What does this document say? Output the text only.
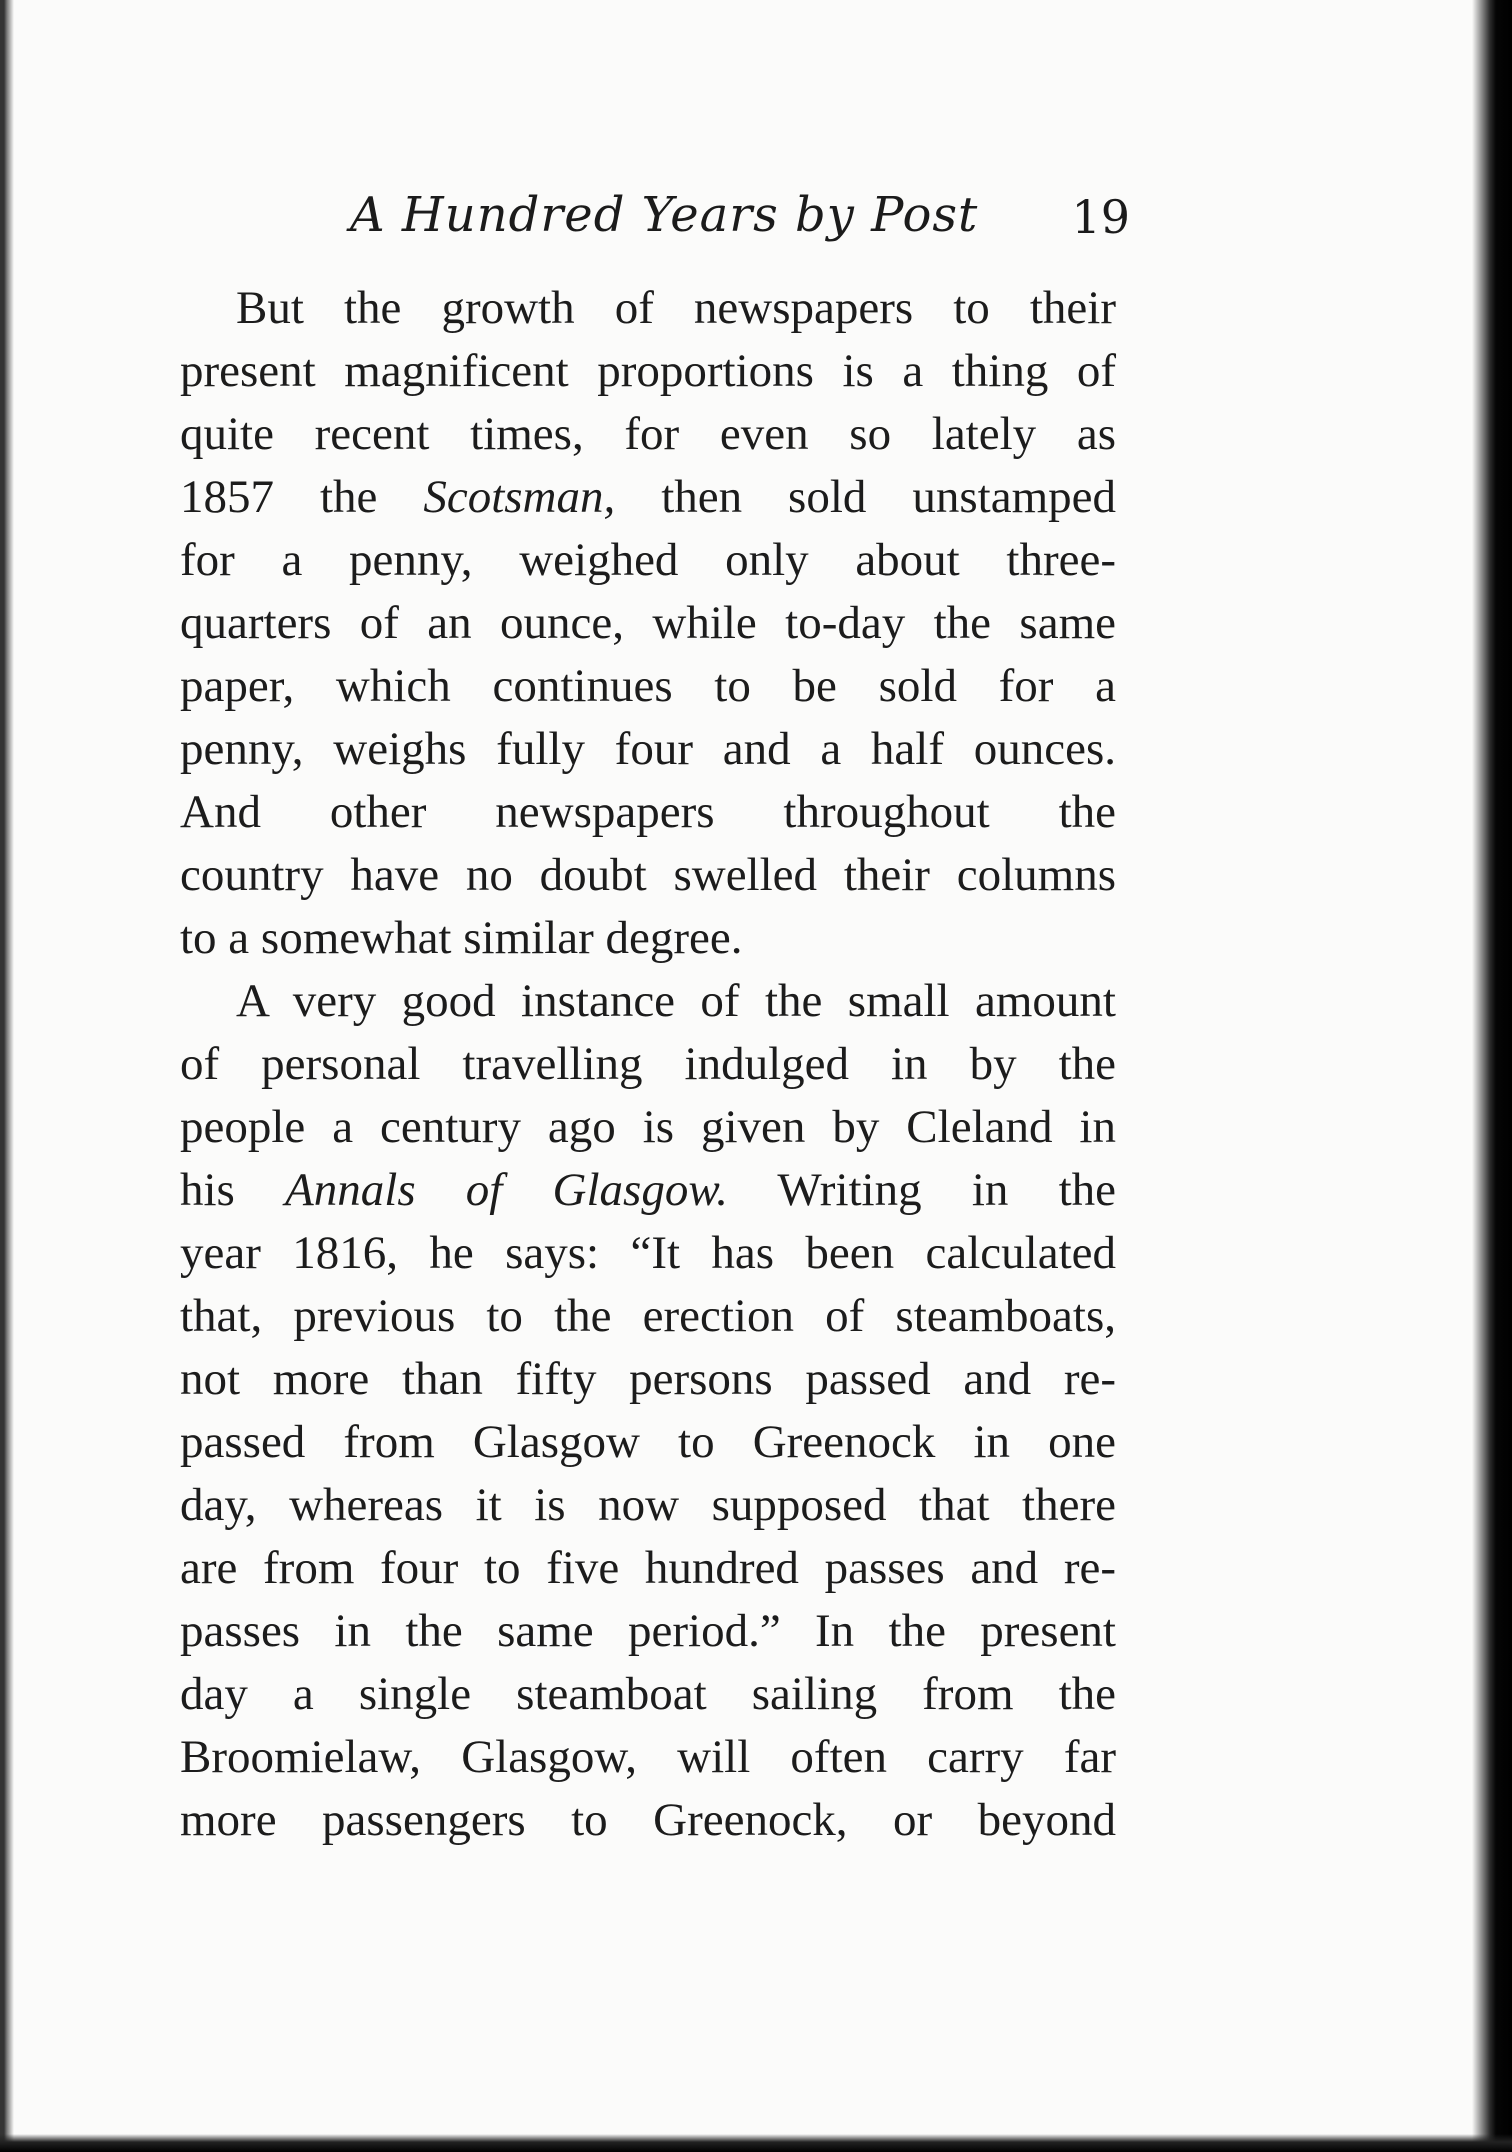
A Hundred Years by Post 19
But the growth of newspapers to their
present magnificent proportions is a thing of
quite recent times, for even so lately as
1857 the Scotsman, then sold unstamped
for a penny, weighed only about three-
quarters of an ounce, while to-day the same
paper, which continues to be sold for a
penny, weighs fully four and a half ounces.
And other newspapers throughout the
country have no doubt swelled their columns
to a somewhat similar degree.
A very good instance of the small amount
of personal travelling indulged in by the
people a century ago is given by Cleland in
his Annals of Glasgow. Writing in the
year 1816, he says: “It has been calculated
that, previous to the erection of steamboats,
not more than fifty persons passed and re-
passed from Glasgow to Greenock in one
day, whereas it is now supposed that there
are from four to five hundred passes and re-
passes in the same period.” In the present
day a single steamboat sailing from the
Broomielaw, Glasgow, will often carry far
more passengers to Greenock, or beyond
